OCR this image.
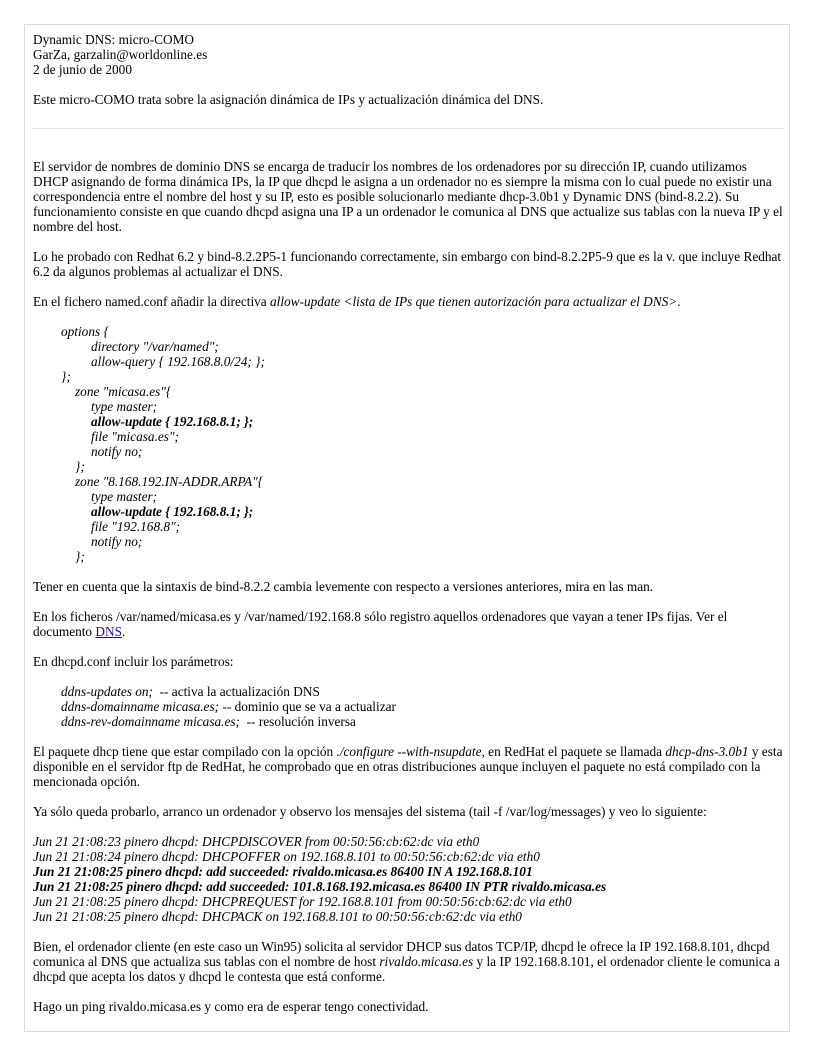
Dynamic DNS: micro-COMO

GarZa, garzalin@worldonline.es

2 de junio de 2000

Este micro-COMO trata sobre la asignación dinámica de IPs y actualización dinámica del DNS.

El servidor de nombres de dominio DNS se encarga de traducir los nombres de los ordenadores por su dirección IP, cuando utilizamos DHCP asignando de forma dinámica IPs, la IP que dhcpd le asigna a un ordenador no es siempre la misma con lo cual puede no existir una correspondencia entre el nombre del host y su IP, esto es posible solucionarlo mediante dhcp-3.0b1 y Dynamic DNS (bind-8.2.2). Su funcionamiento consiste en que cuando dhcpd asigna una IP a un ordenador le comunica al DNS que actualize sus tablas con la nueva IP y el nombre del host.

Lo he probado con Redhat 6.2 y bind-8.2.2P5-1 funcionando correctamente, sin embargo con bind-8.2.2P5-9 que es la v. que incluye Redhat 6.2 da algunos problemas al actualizar el DNS.

En el fichero named.conf añadir la directiva allow-update <lista de IPs que tienen autorización para actualizar el DNS>.

options {
directory "/var/named";
allow-query { 192.168.8.0/24; };
};
zone "micasa.es"{
type master;
allow-update { 192.168.8.1; };
file "micasa.es";
notify no;
};
zone "8.168.192.IN-ADDR.ARPA"{
type master;
allow-update { 192.168.8.1; };
file "192.168.8";
notify no;
};

Tener en cuenta que la sintaxis de bind-8.2.2 cambia levemente con respecto a versiones anteriores, mira en las man.

En los ficheros /var/named/micasa.es y /var/named/192.168.8 sólo registro aquellos ordenadores que vayan a tener IPs fijas. Ver el documento DNS.

En dhcpd.conf incluir los parámetros:

ddns-updates on;  -- activa la actualización DNS
ddns-domainname micasa.es; -- dominio que se va a actualizar
ddns-rev-domainname micasa.es;  -- resolución inversa

El paquete dhcp tiene que estar compilado con la opción ./configure --with-nsupdate, en RedHat el paquete se llamada dhcp-dns-3.0b1 y esta disponible en el servidor ftp de RedHat, he comprobado que en otras distribuciones aunque incluyen el paquete no está compilado con la mencionada opción.

Ya sólo queda probarlo, arranco un ordenador y observo los mensajes del sistema (tail -f /var/log/messages) y veo lo siguiente:

Jun 21 21:08:23 pinero dhcpd: DHCPDISCOVER from 00:50:56:cb:62:dc via eth0
Jun 21 21:08:24 pinero dhcpd: DHCPOFFER on 192.168.8.101 to 00:50:56:cb:62:dc via eth0
Jun 21 21:08:25 pinero dhcpd: add succeeded: rivaldo.micasa.es 86400 IN A 192.168.8.101
Jun 21 21:08:25 pinero dhcpd: add succeeded: 101.8.168.192.micasa.es 86400 IN PTR rivaldo.micasa.es
Jun 21 21:08:25 pinero dhcpd: DHCPREQUEST for 192.168.8.101 from 00:50:56:cb:62:dc via eth0
Jun 21 21:08:25 pinero dhcpd: DHCPACK on 192.168.8.101 to 00:50:56:cb:62:dc via eth0

Bien, el ordenador cliente (en este caso un Win95) solicita al servidor DHCP sus datos TCP/IP, dhcpd le ofrece la IP 192.168.8.101, dhcpd comunica al DNS que actualiza sus tablas con el nombre de host rivaldo.micasa.es y la IP 192.168.8.101, el ordenador cliente le comunica a dhcpd que acepta los datos y dhcpd le contesta que está conforme.

Hago un ping rivaldo.micasa.es y como era de esperar tengo conectividad.
